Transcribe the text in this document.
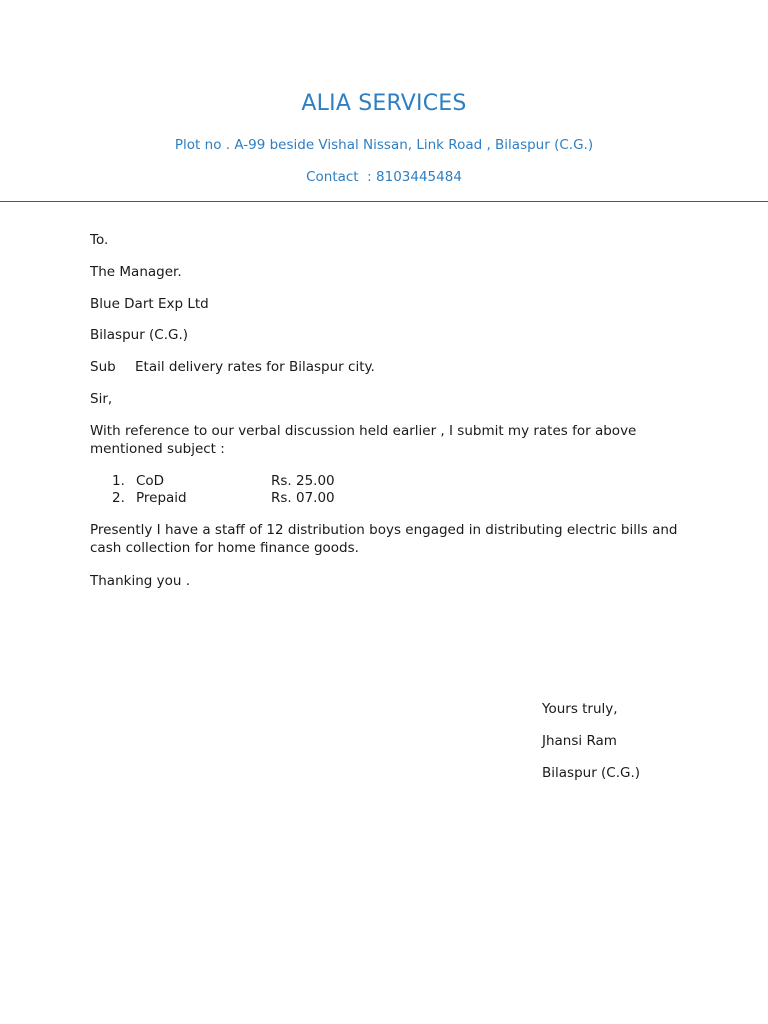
ALIA SERVICES
Plot no . A-99 beside Vishal Nissan, Link Road , Bilaspur (C.G.)
Contact  : 8103445484
To.
The Manager.
Blue Dart Exp Ltd
Bilaspur (C.G.)
Sub Etail delivery rates for Bilaspur city.
Sir,
With reference to our verbal discussion held earlier , I submit my rates for above mentioned subject :
1. CoD	Rs. 25.00
2. Prepaid	Rs. 07.00
Presently I have a staff of 12 distribution boys engaged in distributing electric bills and cash collection for home finance goods.
Thanking you .
Yours truly,
Jhansi Ram
Bilaspur (C.G.)
